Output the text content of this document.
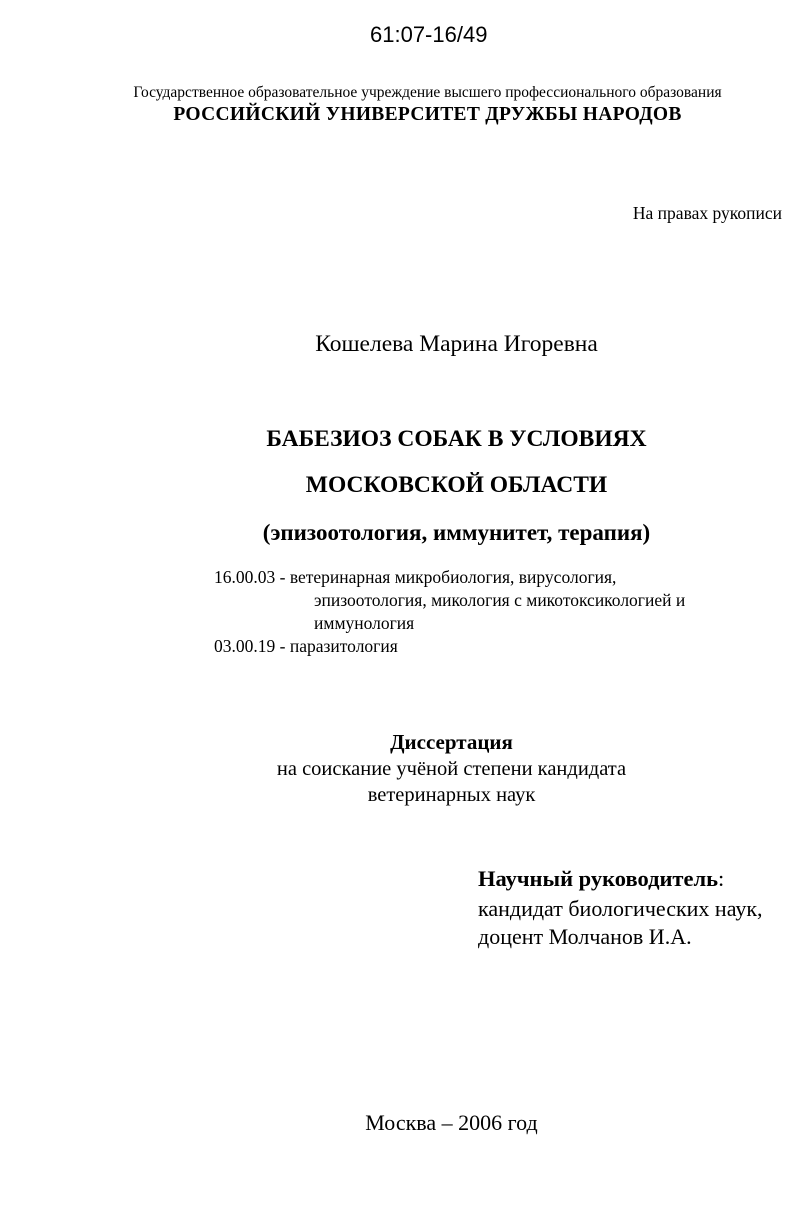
61:07-16/49
Государственное образовательное учреждение высшего профессионального образования
РОССИЙСКИЙ УНИВЕРСИТЕТ ДРУЖБЫ НАРОДОВ
На правах рукописи
Кошелева Марина Игоревна
БАБЕЗИОЗ СОБАК В УСЛОВИЯХ
МОСКОВСКОЙ ОБЛАСТИ
(эпизоотология, иммунитет, терапия)
16.00.03 - ветеринарная микробиология, вирусология,
эпизоотология, микология с микотоксикологией и
иммунология
03.00.19 - паразитология
Диссертация
на соискание учёной степени кандидата
ветеринарных наук
Научный руководитель:
кандидат биологических наук,
доцент Молчанов И.А.
Москва – 2006 год
